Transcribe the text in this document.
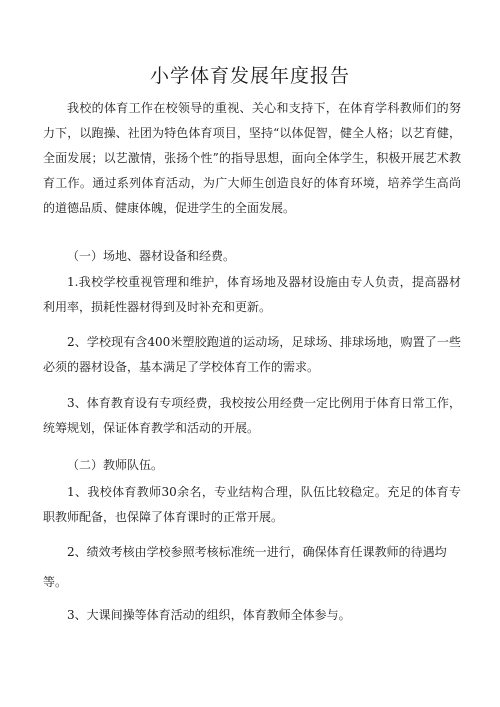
小学体育发展年度报告

我校的体育工作在校领导的重视、关心和支持下，在体育学科教师们的努力下，以跑操、社团为特色体育项目，坚持“以体促智，健全人格；以艺育健，全面发展；以艺激情，张扬个性”的指导思想，面向全体学生，积极开展艺术教育工作。通过系列体育活动，为广大师生创造良好的体育环境，培养学生高尚的道德品质、健康体魄，促进学生的全面发展。

（一）场地、器材设备和经费。

1.我校学校重视管理和维护，体育场地及器材设施由专人负责，提高器材利用率，损耗性器材得到及时补充和更新。

2、学校现有含400米塑胶跑道的运动场，足球场、排球场地，购置了一些必须的器材设备，基本满足了学校体育工作的需求。

3、体育教育设有专项经费，我校按公用经费一定比例用于体育日常工作，统筹规划，保证体育教学和活动的开展。

（二）教师队伍。

1、我校体育教师30余名，专业结构合理，队伍比较稳定。充足的体育专职教师配备，也保障了体育课时的正常开展。

2、绩效考核由学校参照考核标准统一进行，确保体育任课教师的待遇均

等。

3、大课间操等体育活动的组织，体育教师全体参与。
